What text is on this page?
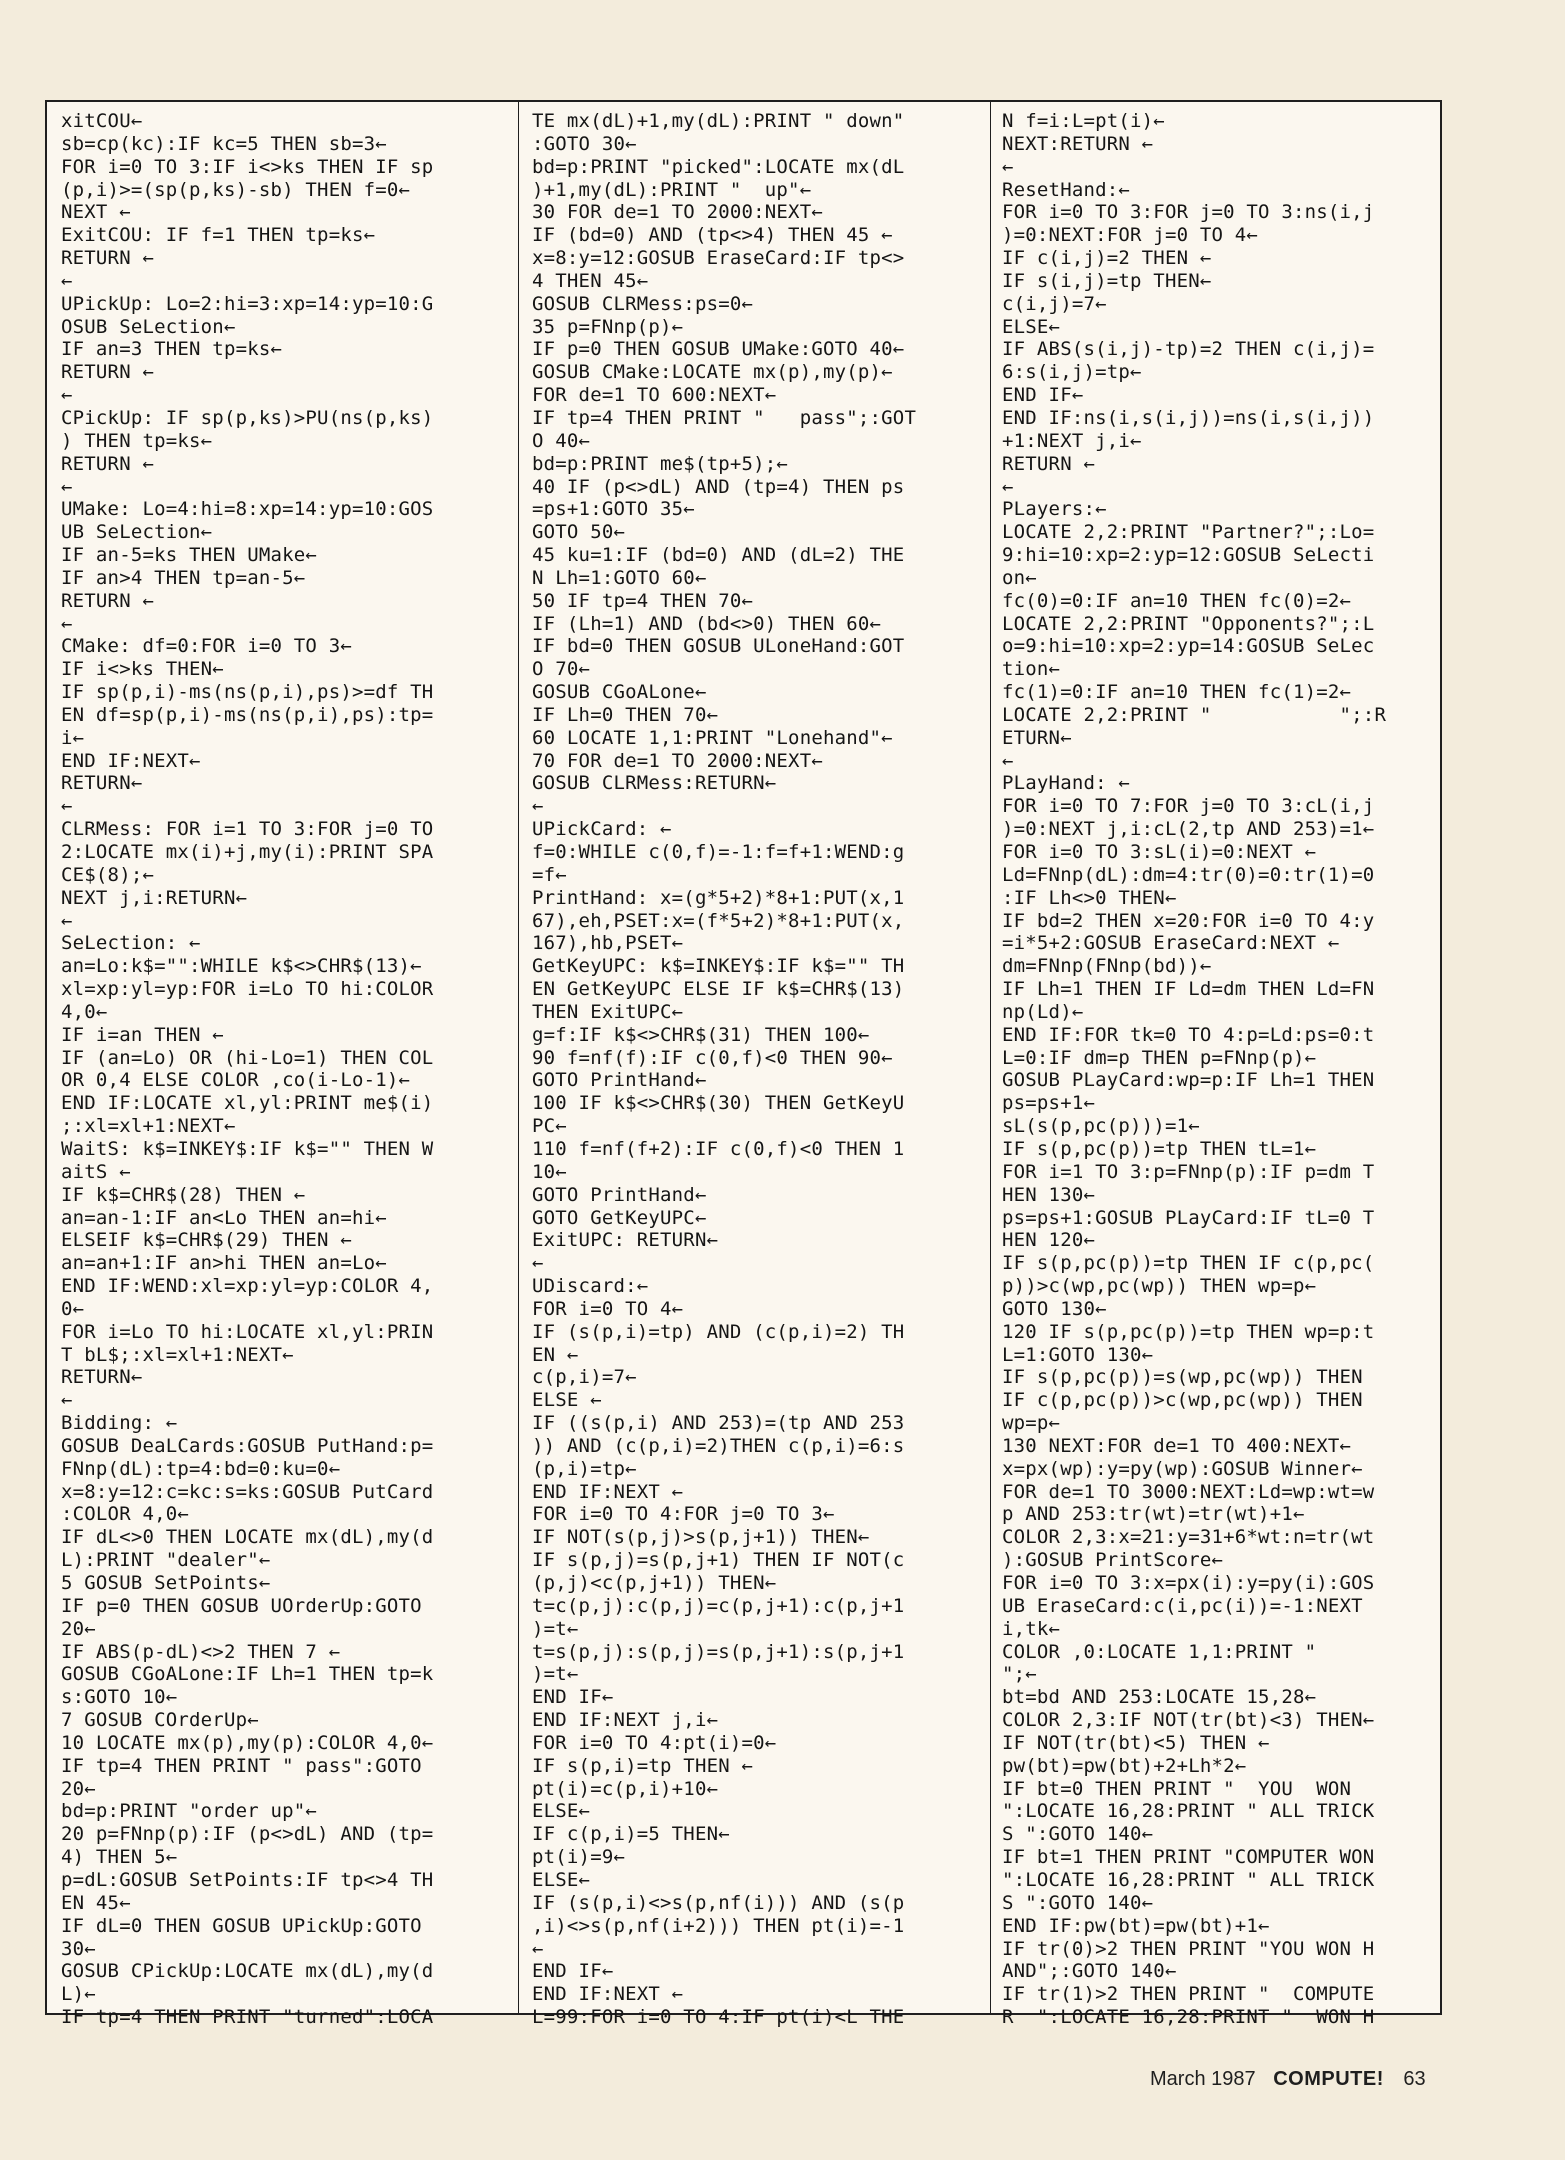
xitCOU←
sb=cp(kc):IF kc=5 THEN sb=3←
FOR i=0 TO 3:IF i<>ks THEN IF sp
(p,i)>=(sp(p,ks)-sb) THEN f=0←
NEXT ←
ExitCOU: IF f=1 THEN tp=ks←
RETURN ←
←
UPickUp: Lo=2:hi=3:xp=14:yp=10:G
OSUB SeLection←
IF an=3 THEN tp=ks←
RETURN ←
←
CPickUp: IF sp(p,ks)>PU(ns(p,ks)
) THEN tp=ks←
RETURN ←
←
UMake: Lo=4:hi=8:xp=14:yp=10:GOS
UB SeLection←
IF an-5=ks THEN UMake←
IF an>4 THEN tp=an-5←
RETURN ←
←
CMake: df=0:FOR i=0 TO 3←
IF i<>ks THEN←
IF sp(p,i)-ms(ns(p,i),ps)>=df TH
EN df=sp(p,i)-ms(ns(p,i),ps):tp=
i←
END IF:NEXT←
RETURN←
←
CLRMess: FOR i=1 TO 3:FOR j=0 TO
2:LOCATE mx(i)+j,my(i):PRINT SPA
CE$(8);←
NEXT j,i:RETURN←
←
SeLection: ←
an=Lo:k$="":WHILE k$<>CHR$(13)←
xl=xp:yl=yp:FOR i=Lo TO hi:COLOR
4,0←
IF i=an THEN ←
IF (an=Lo) OR (hi-Lo=1) THEN COL
OR 0,4 ELSE COLOR ,co(i-Lo-1)←
END IF:LOCATE xl,yl:PRINT me$(i)
;:xl=xl+1:NEXT←
WaitS: k$=INKEY$:IF k$="" THEN W
aitS ←
IF k$=CHR$(28) THEN ←
an=an-1:IF an<Lo THEN an=hi←
ELSEIF k$=CHR$(29) THEN ←
an=an+1:IF an>hi THEN an=Lo←
END IF:WEND:xl=xp:yl=yp:COLOR 4,
0←
FOR i=Lo TO hi:LOCATE xl,yl:PRIN
T bL$;:xl=xl+1:NEXT←
RETURN←
←
Bidding: ←
GOSUB DeaLCards:GOSUB PutHand:p=
FNnp(dL):tp=4:bd=0:ku=0←
x=8:y=12:c=kc:s=ks:GOSUB PutCard
:COLOR 4,0←
IF dL<>0 THEN LOCATE mx(dL),my(d
L):PRINT "dealer"←
5 GOSUB SetPoints←
IF p=0 THEN GOSUB UOrderUp:GOTO
20←
IF ABS(p-dL)<>2 THEN 7 ←
GOSUB CGoALone:IF Lh=1 THEN tp=k
s:GOTO 10←
7 GOSUB COrderUp←
10 LOCATE mx(p),my(p):COLOR 4,0←
IF tp=4 THEN PRINT " pass":GOTO
20←
bd=p:PRINT "order up"←
20 p=FNnp(p):IF (p<>dL) AND (tp=
4) THEN 5←
p=dL:GOSUB SetPoints:IF tp<>4 TH
EN 45←
IF dL=0 THEN GOSUB UPickUp:GOTO
30←
GOSUB CPickUp:LOCATE mx(dL),my(d
L)←
IF tp=4 THEN PRINT "turned":LOCA
TE mx(dL)+1,my(dL):PRINT " down"
:GOTO 30←
bd=p:PRINT "picked":LOCATE mx(dL
)+1,my(dL):PRINT "  up"←
30 FOR de=1 TO 2000:NEXT←
IF (bd=0) AND (tp<>4) THEN 45 ←
x=8:y=12:GOSUB EraseCard:IF tp<>
4 THEN 45←
GOSUB CLRMess:ps=0←
35 p=FNnp(p)←
IF p=0 THEN GOSUB UMake:GOTO 40←
GOSUB CMake:LOCATE mx(p),my(p)←
FOR de=1 TO 600:NEXT←
IF tp=4 THEN PRINT "   pass";:GOT
O 40←
bd=p:PRINT me$(tp+5);←
40 IF (p<>dL) AND (tp=4) THEN ps
=ps+1:GOTO 35←
GOTO 50←
45 ku=1:IF (bd=0) AND (dL=2) THE
N Lh=1:GOTO 60←
50 IF tp=4 THEN 70←
IF (Lh=1) AND (bd<>0) THEN 60←
IF bd=0 THEN GOSUB ULoneHand:GOT
O 70←
GOSUB CGoALone←
IF Lh=0 THEN 70←
60 LOCATE 1,1:PRINT "Lonehand"←
70 FOR de=1 TO 2000:NEXT←
GOSUB CLRMess:RETURN←
←
UPickCard: ←
f=0:WHILE c(0,f)=-1:f=f+1:WEND:g
=f←
PrintHand: x=(g*5+2)*8+1:PUT(x,1
67),eh,PSET:x=(f*5+2)*8+1:PUT(x,
167),hb,PSET←
GetKeyUPC: k$=INKEY$:IF k$="" TH
EN GetKeyUPC ELSE IF k$=CHR$(13)
THEN ExitUPC←
g=f:IF k$<>CHR$(31) THEN 100←
90 f=nf(f):IF c(0,f)<0 THEN 90←
GOTO PrintHand←
100 IF k$<>CHR$(30) THEN GetKeyU
PC←
110 f=nf(f+2):IF c(0,f)<0 THEN 1
10←
GOTO PrintHand←
GOTO GetKeyUPC←
ExitUPC: RETURN←
←
UDiscard:←
FOR i=0 TO 4←
IF (s(p,i)=tp) AND (c(p,i)=2) TH
EN ←
c(p,i)=7←
ELSE ←
IF ((s(p,i) AND 253)=(tp AND 253
)) AND (c(p,i)=2)THEN c(p,i)=6:s
(p,i)=tp←
END IF:NEXT ←
FOR i=0 TO 4:FOR j=0 TO 3←
IF NOT(s(p,j)>s(p,j+1)) THEN←
IF s(p,j)=s(p,j+1) THEN IF NOT(c
(p,j)<c(p,j+1)) THEN←
t=c(p,j):c(p,j)=c(p,j+1):c(p,j+1
)=t←
t=s(p,j):s(p,j)=s(p,j+1):s(p,j+1
)=t←
END IF←
END IF:NEXT j,i←
FOR i=0 TO 4:pt(i)=0←
IF s(p,i)=tp THEN ←
pt(i)=c(p,i)+10←
ELSE←
IF c(p,i)=5 THEN←
pt(i)=9←
ELSE←
IF (s(p,i)<>s(p,nf(i))) AND (s(p
,i)<>s(p,nf(i+2))) THEN pt(i)=-1
←
END IF←
END IF:NEXT ←
L=99:FOR i=0 TO 4:IF pt(i)<L THE
N f=i:L=pt(i)←
NEXT:RETURN ←
←
ResetHand:←
FOR i=0 TO 3:FOR j=0 TO 3:ns(i,j
)=0:NEXT:FOR j=0 TO 4←
IF c(i,j)=2 THEN ←
IF s(i,j)=tp THEN←
c(i,j)=7←
ELSE←
IF ABS(s(i,j)-tp)=2 THEN c(i,j)=
6:s(i,j)=tp←
END IF←
END IF:ns(i,s(i,j))=ns(i,s(i,j))
+1:NEXT j,i←
RETURN ←
←
PLayers:←
LOCATE 2,2:PRINT "Partner?";:Lo=
9:hi=10:xp=2:yp=12:GOSUB SeLecti
on←
fc(0)=0:IF an=10 THEN fc(0)=2←
LOCATE 2,2:PRINT "Opponents?";:L
o=9:hi=10:xp=2:yp=14:GOSUB SeLec
tion←
fc(1)=0:IF an=10 THEN fc(1)=2←
LOCATE 2,2:PRINT "           ";:R
ETURN←
←
PLayHand: ←
FOR i=0 TO 7:FOR j=0 TO 3:cL(i,j
)=0:NEXT j,i:cL(2,tp AND 253)=1←
FOR i=0 TO 3:sL(i)=0:NEXT ←
Ld=FNnp(dL):dm=4:tr(0)=0:tr(1)=0
:IF Lh<>0 THEN←
IF bd=2 THEN x=20:FOR i=0 TO 4:y
=i*5+2:GOSUB EraseCard:NEXT ←
dm=FNnp(FNnp(bd))←
IF Lh=1 THEN IF Ld=dm THEN Ld=FN
np(Ld)←
END IF:FOR tk=0 TO 4:p=Ld:ps=0:t
L=0:IF dm=p THEN p=FNnp(p)←
GOSUB PLayCard:wp=p:IF Lh=1 THEN
ps=ps+1←
sL(s(p,pc(p)))=1←
IF s(p,pc(p))=tp THEN tL=1←
FOR i=1 TO 3:p=FNnp(p):IF p=dm T
HEN 130←
ps=ps+1:GOSUB PLayCard:IF tL=0 T
HEN 120←
IF s(p,pc(p))=tp THEN IF c(p,pc(
p))>c(wp,pc(wp)) THEN wp=p←
GOTO 130←
120 IF s(p,pc(p))=tp THEN wp=p:t
L=1:GOTO 130←
IF s(p,pc(p))=s(wp,pc(wp)) THEN
IF c(p,pc(p))>c(wp,pc(wp)) THEN
wp=p←
130 NEXT:FOR de=1 TO 400:NEXT←
x=px(wp):y=py(wp):GOSUB Winner←
FOR de=1 TO 3000:NEXT:Ld=wp:wt=w
p AND 253:tr(wt)=tr(wt)+1←
COLOR 2,3:x=21:y=31+6*wt:n=tr(wt
):GOSUB PrintScore←
FOR i=0 TO 3:x=px(i):y=py(i):GOS
UB EraseCard:c(i,pc(i))=-1:NEXT
i,tk←
COLOR ,0:LOCATE 1,1:PRINT "
";←
bt=bd AND 253:LOCATE 15,28←
COLOR 2,3:IF NOT(tr(bt)<3) THEN←
IF NOT(tr(bt)<5) THEN ←
pw(bt)=pw(bt)+2+Lh*2←
IF bt=0 THEN PRINT "  YOU  WON
":LOCATE 16,28:PRINT " ALL TRICK
S ":GOTO 140←
IF bt=1 THEN PRINT "COMPUTER WON
":LOCATE 16,28:PRINT " ALL TRICK
S ":GOTO 140←
END IF:pw(bt)=pw(bt)+1←
IF tr(0)>2 THEN PRINT "YOU WON H
AND";:GOTO 140←
IF tr(1)>2 THEN PRINT "  COMPUTE
R  ":LOCATE 16,28:PRINT "  WON H
March 1987 COMPUTE! 63
